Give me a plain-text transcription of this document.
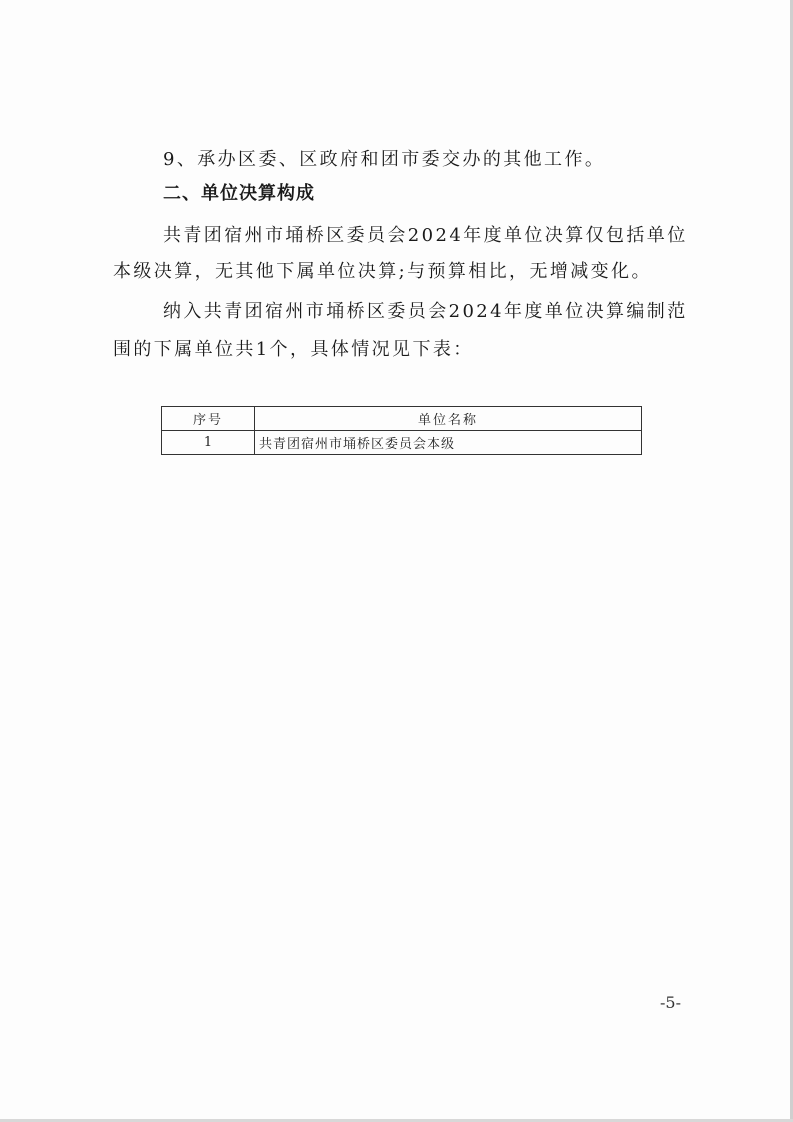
9、承办区委、区政府和团市委交办的其他工作。
二、单位决算构成
共青团宿州市埇桥区委员会2024年度单位决算仅包括单位
本级决算，无其他下属单位决算;与预算相比，无增减变化。
纳入共青团宿州市埇桥区委员会2024年度单位决算编制范
围的下属单位共1个，具体情况见下表：
序号	单位名称
1	共青团宿州市埇桥区委员会本级
-5-
